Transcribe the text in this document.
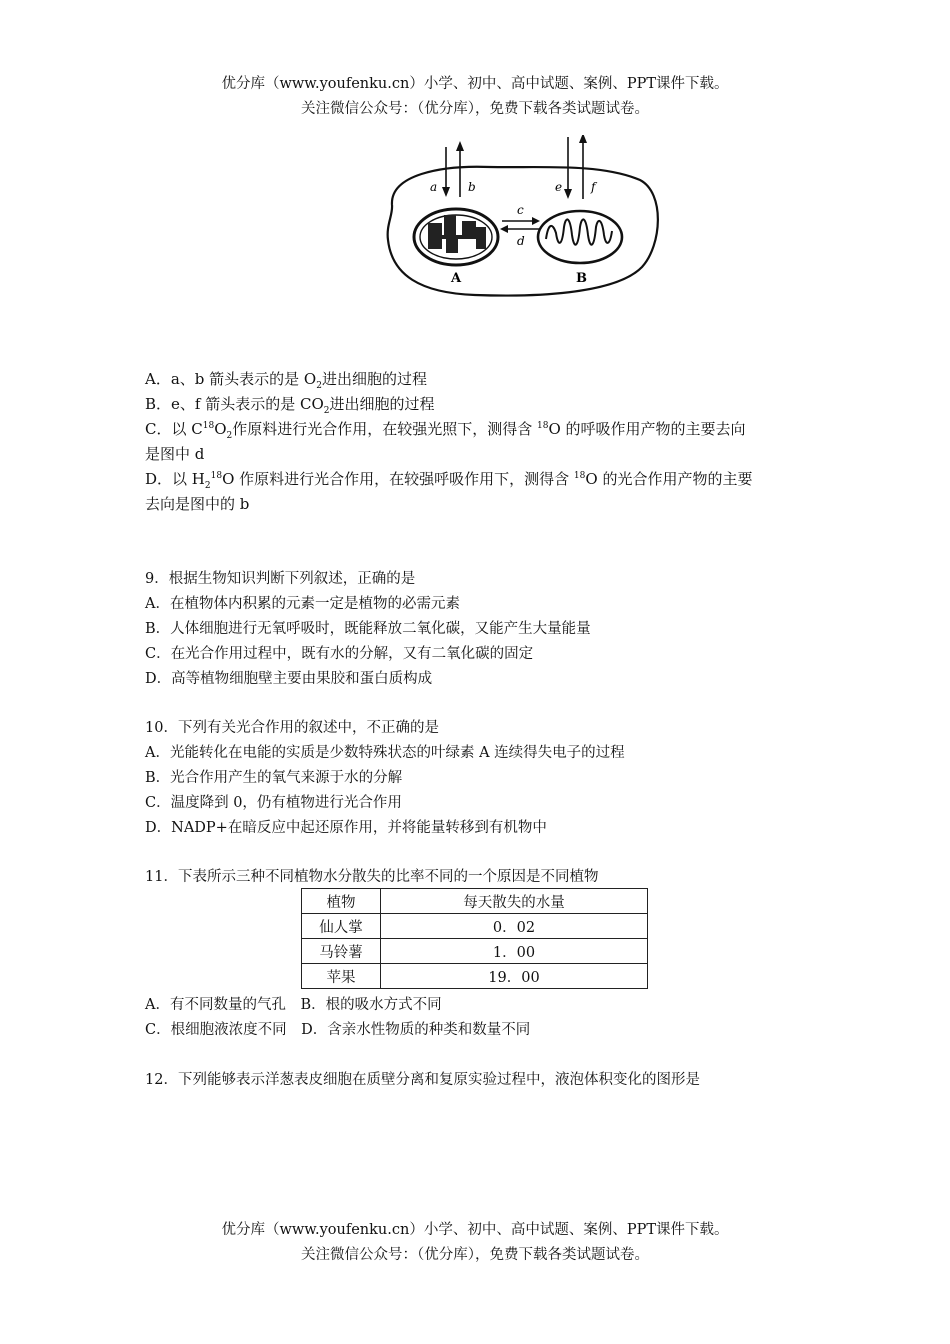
优分库（www.youfenku.cn）小学、初中、高中试题、案例、PPT课件下载。
关注微信公众号：（优分库），免费下载各类试题试卷。
a	b	e f
A	B
c
d
A．a、b 箭头表示的是 $O_2$进出细胞的过程
B．e、f 箭头表示的是 $CO_2$进出细胞的过程
C．以 $C^{18}O_2$作原料进行光合作用，在较强光照下，测得含 $^{18}$O 的呼吸作用产物的主要去向
是图中 d
D．以 $H_2^{18}O$ 作原料进行光合作用，在较强呼吸作用下，测得含 $^{18}$O 的光合作用产物的主要
去向是图中的 b
9．根据生物知识判断下列叙述，正确的是
A．在植物体内积累的元素一定是植物的必需元素
B．人体细胞进行无氧呼吸时，既能释放二氧化碳，又能产生大量能量
C．在光合作用过程中，既有水的分解，又有二氧化碳的固定
D．高等植物细胞壁主要由果胶和蛋白质构成
10．下列有关光合作用的叙述中，不正确的是
A．光能转化在电能的实质是少数特殊状态的叶绿素 A 连续得失电子的过程
B．光合作用产生的氧气来源于水的分解
C．温度降到 0，仍有植物进行光合作用
D．NADP+在暗反应中起还原作用，并将能量转移到有机物中
11．下表所示三种不同植物水分散失的比率不同的一个原因是不同植物
植物	每天散失的水量
仙人掌	0．02
马铃薯	1．00
苹果	19．00
A．有不同数量的气孔　B．根的吸水方式不同
C．根细胞液浓度不同　D．含亲水性物质的种类和数量不同
12．下列能够表示洋葱表皮细胞在质壁分离和复原实验过程中，液泡体积变化的图形是
优分库（www.youfenku.cn）小学、初中、高中试题、案例、PPT课件下载。
关注微信公众号：（优分库），免费下载各类试题试卷。
